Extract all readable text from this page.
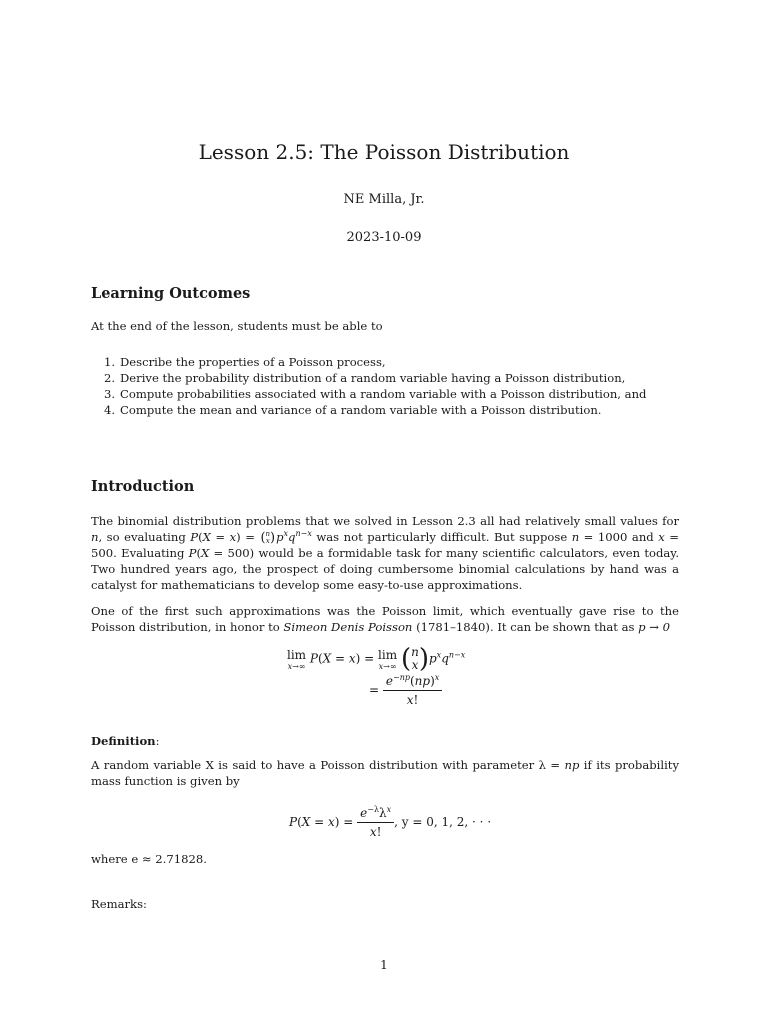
Lesson 2.5: The Poisson Distribution
NE Milla, Jr.
2023-10-09
Learning Outcomes

At the end of the lesson, students must be able to

1. Describe the properties of a Poisson process,
2. Derive the probability distribution of a random variable having a Poisson distribution,
3. Compute probabilities associated with a random variable with a Poisson distribution, and
4. Compute the mean and variance of a random variable with a Poisson distribution.
Introduction

The binomial distribution problems that we solved in Lesson 2.3 all had relatively small values for n, so evaluating P(X = x) = (n
$x)p^xq^{n-x}$ was not particularly difficult. But suppose n = 1000 and x = 500. Evaluating P(X = 500) would be a formidable task for many scientific calculators, even today. Two hundred years ago, the prospect of doing cumbersome binomial calculations by hand was a catalyst for mathematicians to develop some easy-to-use approximations.

One of the first such approximations was the Poisson limit, which eventually gave rise to the Poisson distribution, in honor to Simeon Denis Poisson (1781–1840). It can be shown that as p → 0

lim
x→∞
P(X = x) = lim
x→∞ (n
$x)p^xq^{n-x}$
= $\frac{e^{-np}(np)^x}{x!}$

Definition:

A random variable X is said to have a Poisson distribution with parameter λ = np if its probability mass function is given by

$P(X = x) = \frac{e^{-\lambda}\lambda^x}{x!}$ , y = 0, 1, 2, · · ·

where e ≈ 2.71828.

Remarks:

1
